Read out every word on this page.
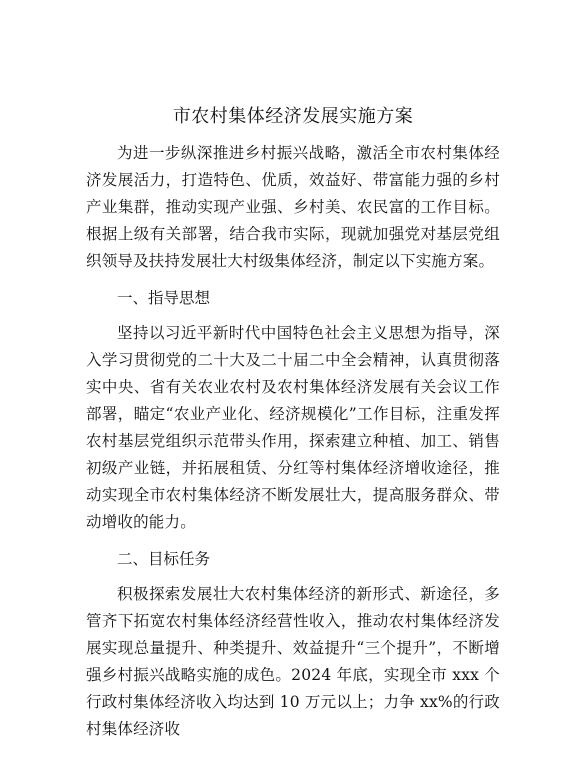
市农村集体经济发展实施方案

为进一步纵深推进乡村振兴战略，激活全市农村集体经济发展活力，打造特色、优质，效益好、带富能力强的乡村产业集群，推动实现产业强、乡村美、农民富的工作目标。根据上级有关部署，结合我市实际，现就加强党对基层党组织领导及扶持发展壮大村级集体经济，制定以下实施方案。

一、指导思想

坚持以习近平新时代中国特色社会主义思想为指导，深入学习贯彻党的二十大及二十届二中全会精神，认真贯彻落实中央、省有关农业农村及农村集体经济发展有关会议工作部署，瞄定“农业产业化、经济规模化”工作目标，注重发挥农村基层党组织示范带头作用，探索建立种植、加工、销售初级产业链，并拓展租赁、分红等村集体经济增收途径，推动实现全市农村集体经济不断发展壮大，提高服务群众、带动增收的能力。

二、目标任务

积极探索发展壮大农村集体经济的新形式、新途径，多管齐下拓宽农村集体经济经营性收入，推动农村集体经济发展实现总量提升、种类提升、效益提升“三个提升”，不断增强乡村振兴战略实施的成色。2024 年底，实现全市 xxx 个行政村集体经济收入均达到 10 万元以上；力争 xx%的行政村集体经济收
